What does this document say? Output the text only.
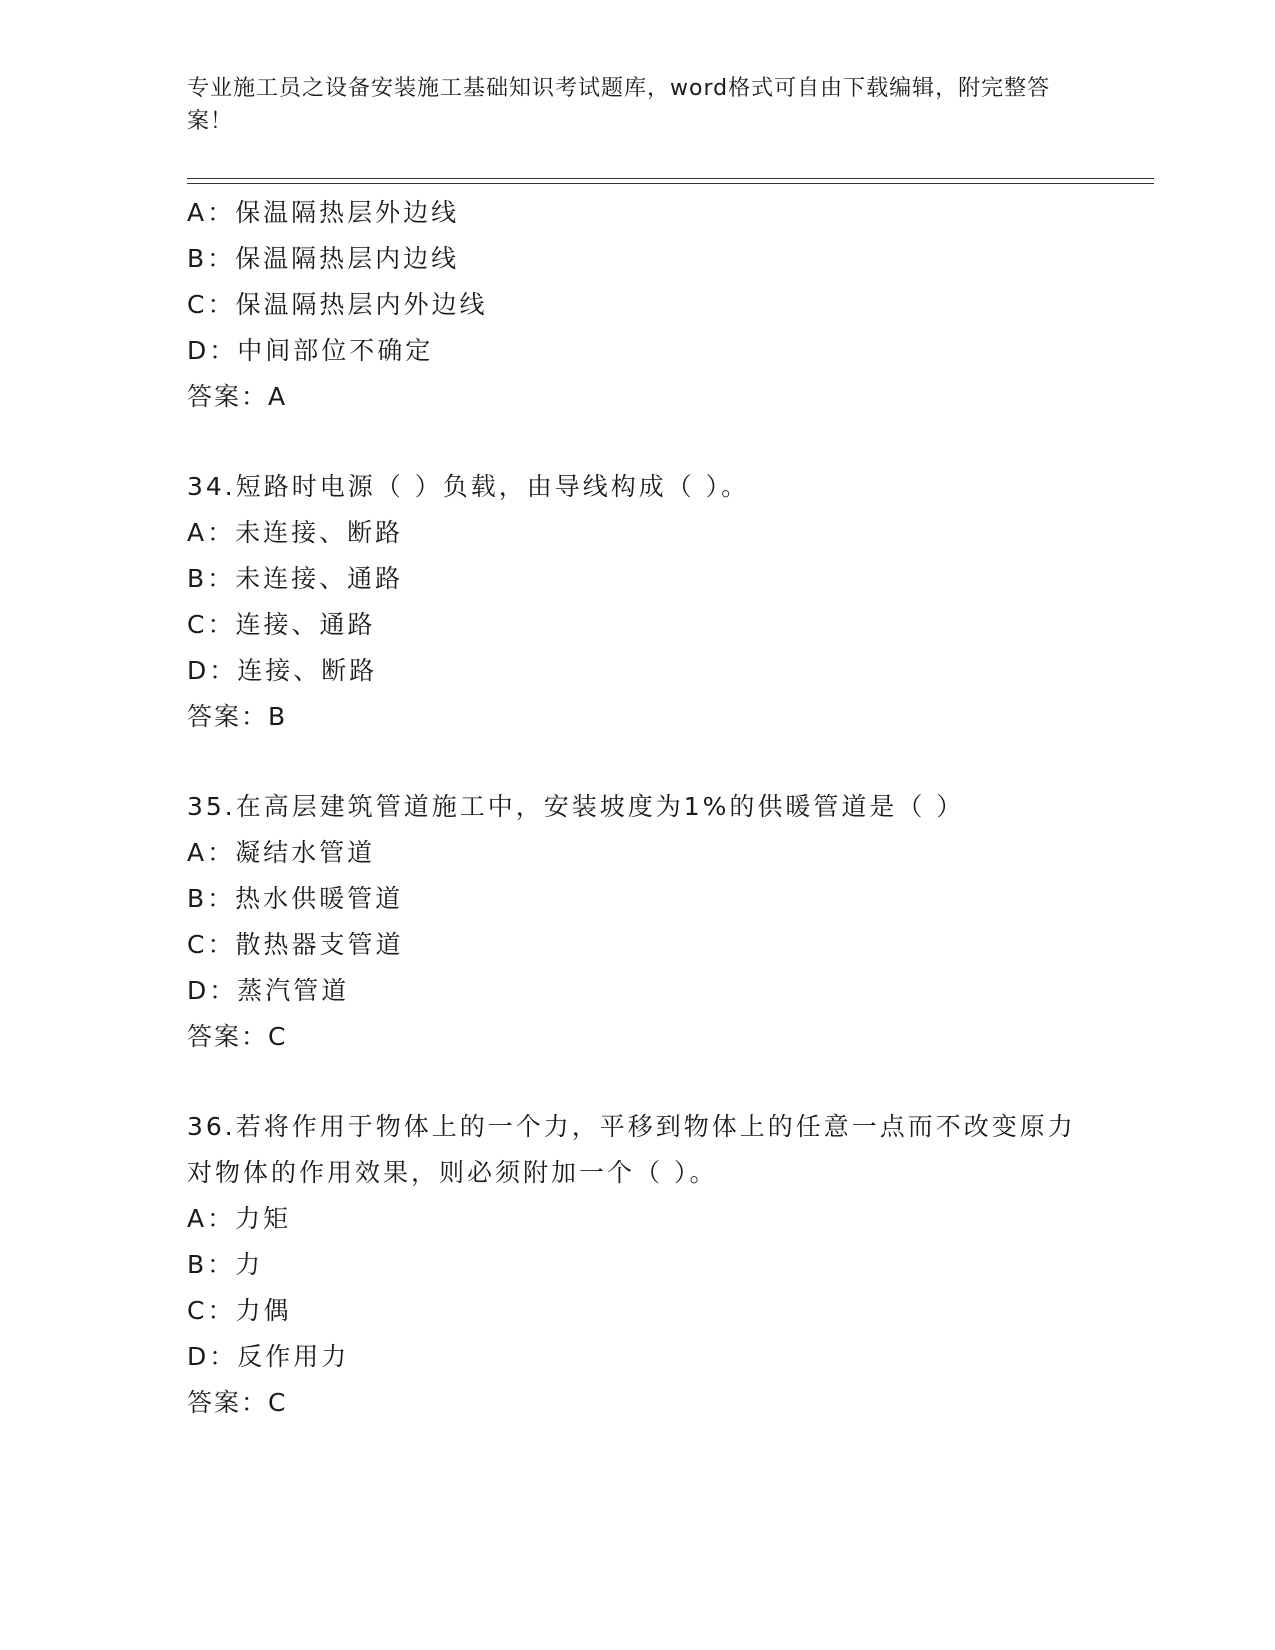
专业施工员之设备安装施工基础知识考试题库，word格式可自由下载编辑，附完整答案！
A：保温隔热层外边线
B：保温隔热层内边线
C：保温隔热层内外边线
D：中间部位不确定
答案：A
34.短路时电源（ ）负载，由导线构成（ ）。
A：未连接、断路
B：未连接、通路
C：连接、通路
D：连接、断路
答案：B
35.在高层建筑管道施工中，安装坡度为1%的供暖管道是（ ）
A：凝结水管道
B：热水供暖管道
C：散热器支管道
D：蒸汽管道
答案：C
36.若将作用于物体上的一个力，平移到物体上的任意一点而不改变原力对物体的作用效果，则必须附加一个（ ）。
A：力矩
B：力
C：力偶
D：反作用力
答案：C
